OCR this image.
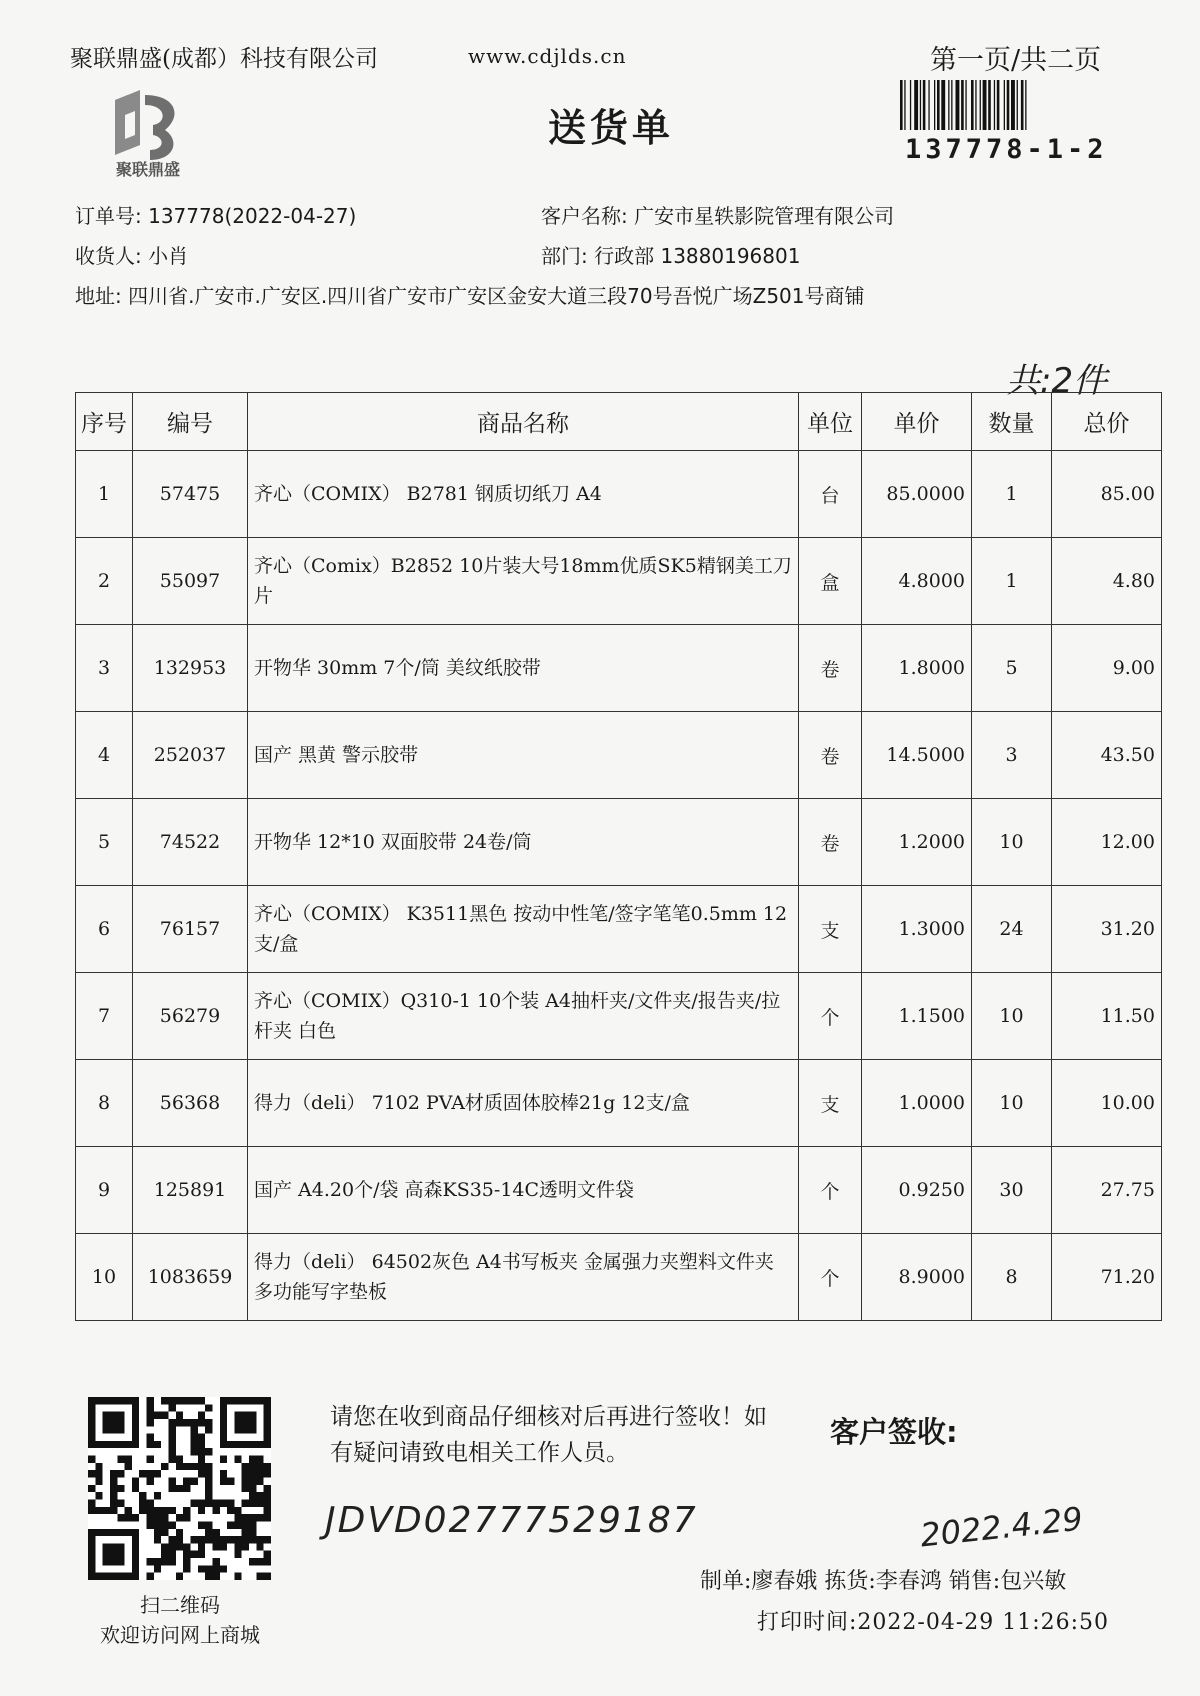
聚联鼎盛(成都）科技有限公司	www.cdjlds.cn	第一页/共二页
聚联鼎盛
送货单	137778-1-2
订单号: 137778(2022-04-27)	客户名称: 广安市星轶影院管理有限公司
收货人: 小肖	部门: 行政部 13880196801
地址: 四川省.广安市.广安区.四川省广安市广安区金安大道三段70号吾悦广场Z501号商铺
共:2件
序号	编号	商品名称	单位	单价	数量	总价
1	57475	齐心（COMIX） B2781 钢质切纸刀 A4	台	85.0000	1	85.00
2	55097	齐心（Comix）B2852 10片装大号18mm优质SK5精钢美工刀片	盒	4.8000	1	4.80
3	132953	开物华 30mm 7个/筒 美纹纸胶带	卷	1.8000	5	9.00
4	252037	国产 黑黄 警示胶带	卷	14.5000	3	43.50
5	74522	开物华 12*10 双面胶带 24卷/筒	卷	1.2000	10	12.00
6	76157	齐心（COMIX） K3511黑色 按动中性笔/签字笔笔0.5mm 12支/盒	支	1.3000	24	31.20
7	56279	齐心（COMIX）Q310-1 10个装 A4抽杆夹/文件夹/报告夹/拉杆夹 白色	个	1.1500	10	11.50
8	56368	得力（deli） 7102 PVA材质固体胶棒21g 12支/盒	支	1.0000	10	10.00
9	125891	国产 A4.20个/袋 高森KS35-14C透明文件袋	个	0.9250	30	27.75
10	1083659	得力（deli） 64502灰色 A4书写板夹 金属强力夹塑料文件夹 多功能写字垫板	个	8.9000	8	71.20
扫二维码
欢迎访问网上商城
请您在收到商品仔细核对后再进行签收！如有疑问请致电相关工作人员。
客户签收:
JDVD02777529187	2022.4.29
制单:廖春娥 拣货:李春鸿 销售:包兴敏
打印时间:2022-04-29 11:26:50
